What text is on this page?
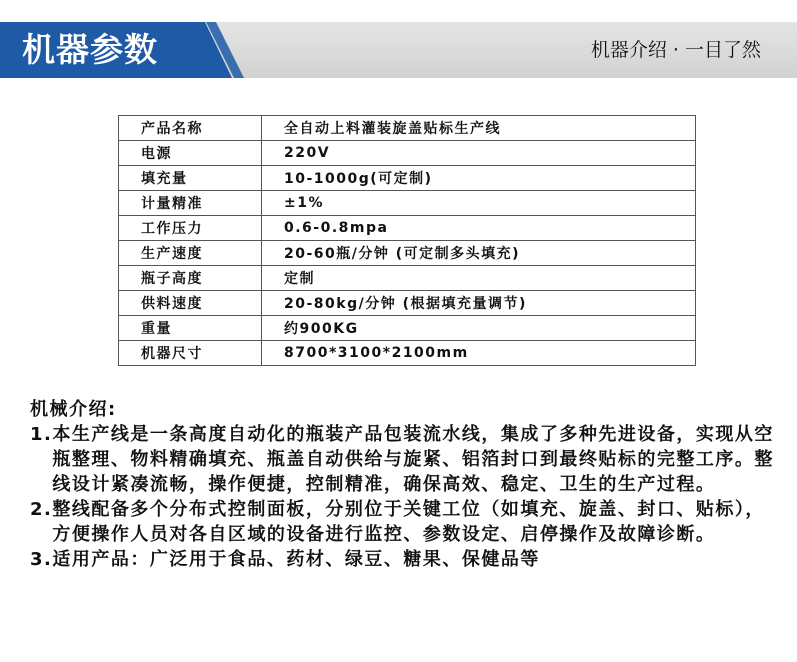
机器参数	机器介绍 · 一目了然
产品名称	全自动上料灌装旋盖贴标生产线
电源	220V
填充量	10-1000g(可定制)
计量精准	±1%
工作压力	0.6-0.8mpa
生产速度	20-60瓶/分钟 (可定制多头填充)
瓶子高度	定制
供料速度	20-80kg/分钟 (根据填充量调节)
重量	约900KG
机器尺寸	8700*3100*2100mm

机械介绍:

1. 本生产线是一条高度自动化的瓶装产品包装流水线，集成了多种先进设备，实现从空瓶整理、物料精确填充、瓶盖自动供给与旋紧、铝箔封口到最终贴标的完整工序。整线设计紧凑流畅，操作便捷，控制精准，确保高效、稳定、卫生的生产过程。
2. 整线配备多个分布式控制面板，分别位于关键工位（如填充、旋盖、封口、贴标），方便操作人员对各自区域的设备进行监控、参数设定、启停操作及故障诊断。
3. 适用产品：广泛用于食品、药材、绿豆、糖果、保健品等
